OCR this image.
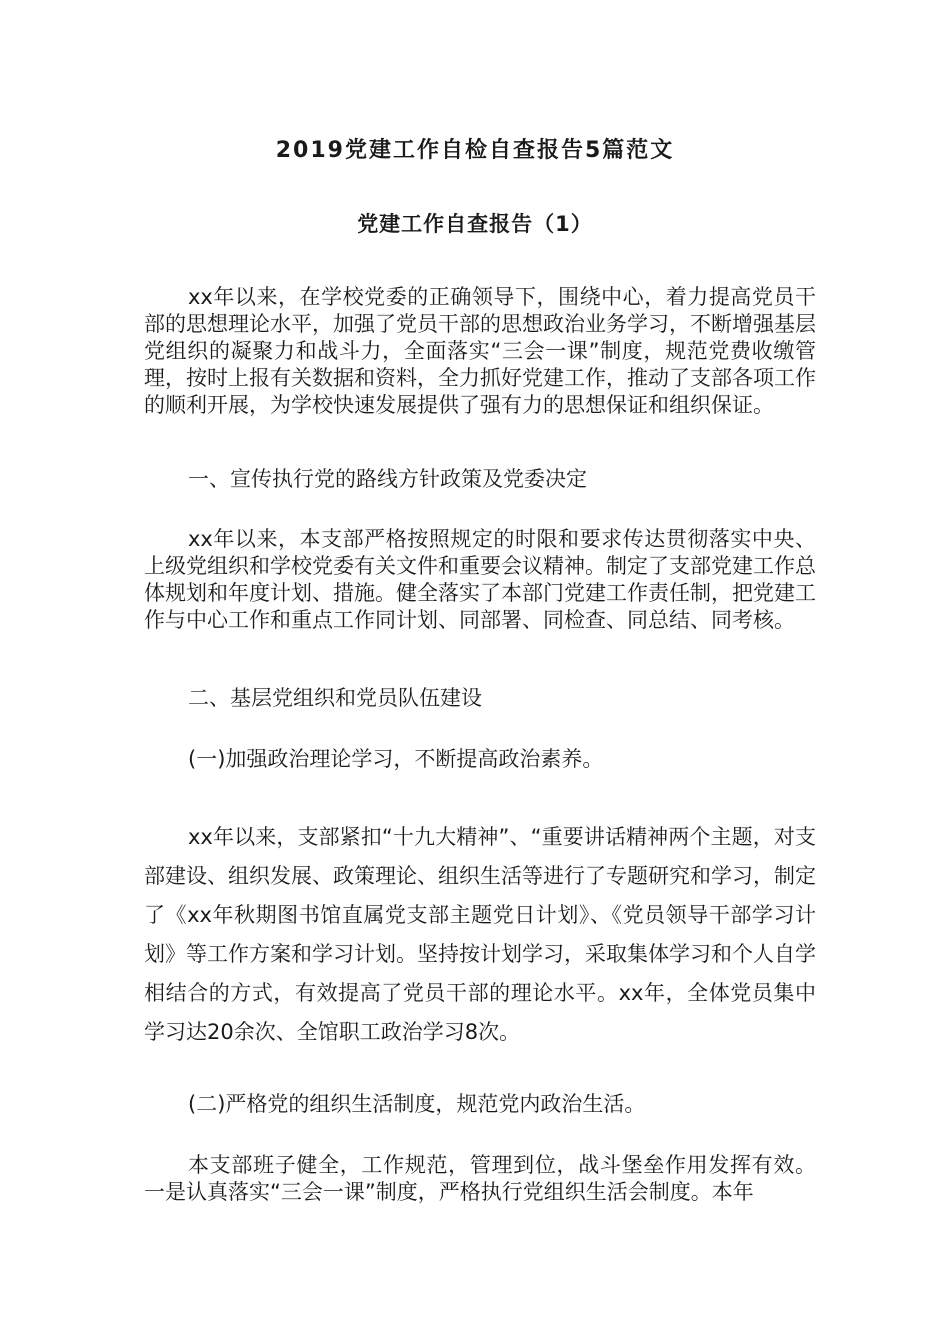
2019党建工作自检自查报告5篇范文
党建工作自查报告（1）

xx年以来，在学校党委的正确领导下，围绕中心，着力提高党员干部的思想理论水平，加强了党员干部的思想政治业务学习，不断增强基层党组织的凝聚力和战斗力，全面落实“三会一课”制度，规范党费收缴管理，按时上报有关数据和资料，全力抓好党建工作，推动了支部各项工作的顺利开展，为学校快速发展提供了强有力的思想保证和组织保证。

一、宣传执行党的路线方针政策及党委决定

xx年以来，本支部严格按照规定的时限和要求传达贯彻落实中央、上级党组织和学校党委有关文件和重要会议精神。制定了支部党建工作总体规划和年度计划、措施。健全落实了本部门党建工作责任制，把党建工作与中心工作和重点工作同计划、同部署、同检查、同总结、同考核。

二、基层党组织和党员队伍建设

(一)加强政治理论学习，不断提高政治素养。

xx年以来，支部紧扣“十九大精神”、“重要讲话精神两个主题，对支部建设、组织发展、政策理论、组织生活等进行了专题研究和学习，制定了《xx年秋期图书馆直属党支部主题党日计划》、《党员领导干部学习计划》等工作方案和学习计划。坚持按计划学习，采取集体学习和个人自学相结合的方式，有效提高了党员干部的理论水平。xx年，全体党员集中学习达20余次、全馆职工政治学习8次。

(二)严格党的组织生活制度，规范党内政治生活。

本支部班子健全，工作规范，管理到位，战斗堡垒作用发挥有效。一是认真落实“三会一课”制度，严格执行党组织生活会制度。本年
